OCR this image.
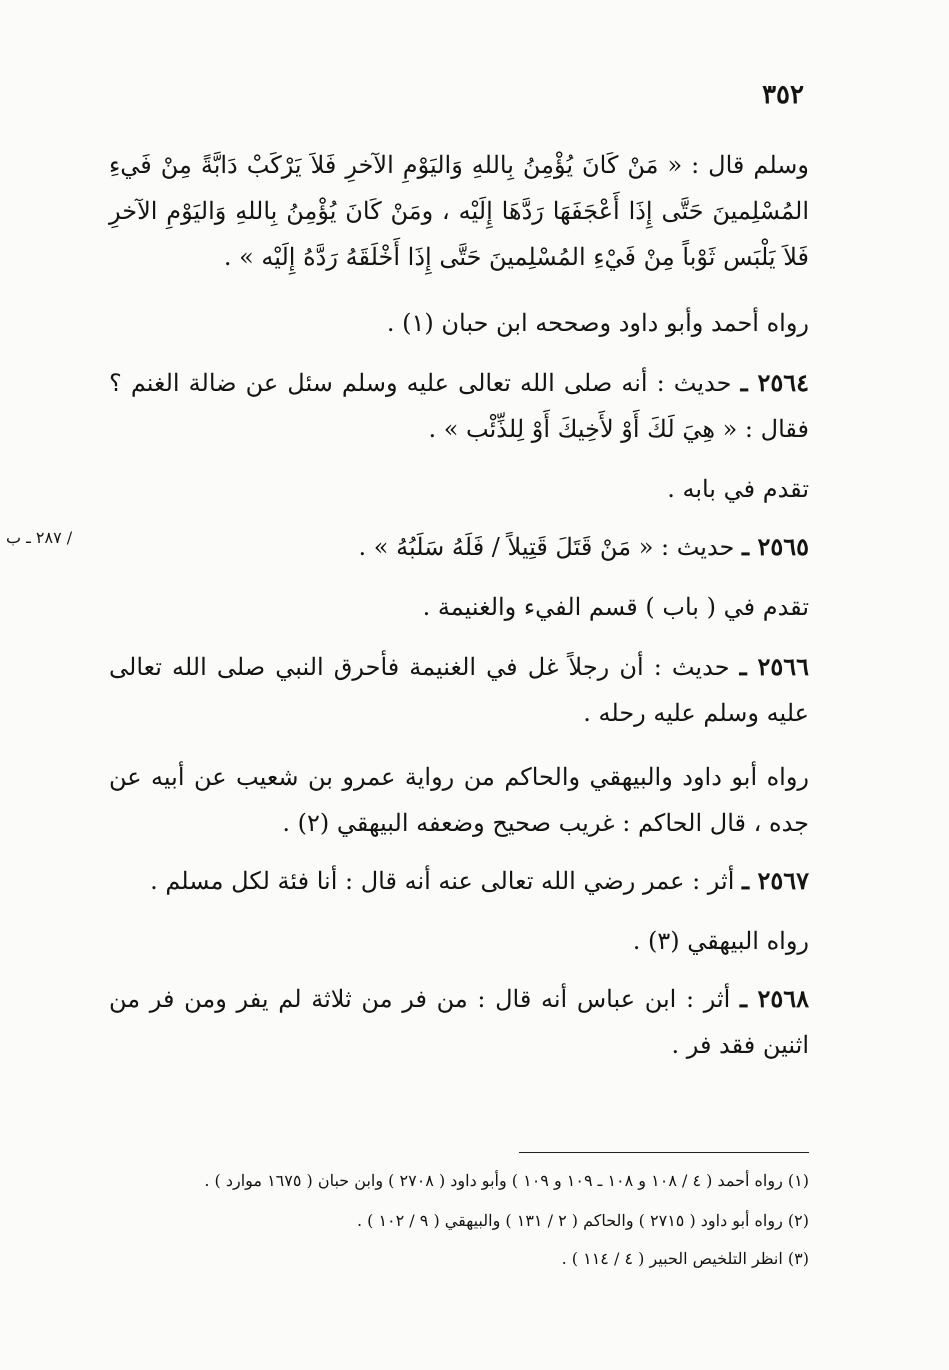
٣٥٢
/ ٢٨٧ ـ ب
وسلم قال : « مَنْ كَانَ يُؤْمِنُ بِاللهِ وَاليَوْمِ الآخرِ فَلاَ يَرْكَبْ دَابَّةً مِنْ فَيءِ المُسْلِمينَ حَتَّى إِذَا أَعْجَفَهَا رَدَّهَا إِلَيْه ، ومَنْ كَانَ يُؤْمِنُ بِاللهِ وَاليَوْمِ الآخرِ فَلاَ يَلْبَس ثَوْباً مِنْ فَيْءِ المُسْلِمينَ حَتَّى إِذَا أَخْلَقَهُ رَدَّهُ إِلَيْه » .
رواه أحمد وأبو داود وصححه ابن حبان (١) .
٢٥٦٤ ـ حديث : أنه صلى الله تعالى عليه وسلم سئل عن ضالة الغنم ؟ فقال : « هِيَ لَكَ أَوْ لأَخِيكَ أَوْ لِلذِّئْب » .
تقدم في بابه .
٢٥٦٥ ـ حديث : « مَنْ قَتَلَ قَتِيلاً / فَلَهُ سَلَبُهُ » .
تقدم في ( باب ) قسم الفيء والغنيمة .
٢٥٦٦ ـ حديث : أن رجلاً غل في الغنيمة فأحرق النبي صلى الله تعالى عليه وسلم عليه رحله .
رواه أبو داود والبيهقي والحاكم من رواية عمرو بن شعيب عن أبيه عن جده ، قال الحاكم : غريب صحيح وضعفه البيهقي (٢) .
٢٥٦٧ ـ أثر : عمر رضي الله تعالى عنه أنه قال : أنا فئة لكل مسلم .
رواه البيهقي (٣) .
٢٥٦٨ ـ أثر : ابن عباس أنه قال : من فر من ثلاثة لم يفر ومن فر من اثنين فقد فر .
(١) رواه أحمد ( ٤ / ١٠٨ و ١٠٨ ـ ١٠٩ و ١٠٩ ) وأبو داود ( ٢٧٠٨ ) وابن حبان ( ١٦٧٥ موارد ) .
(٢) رواه أبو داود ( ٢٧١٥ ) والحاكم ( ٢ / ١٣١ ) والبيهقي ( ٩ / ١٠٢ ) .
(٣) انظر التلخيص الحبير ( ٤ / ١١٤ ) .
